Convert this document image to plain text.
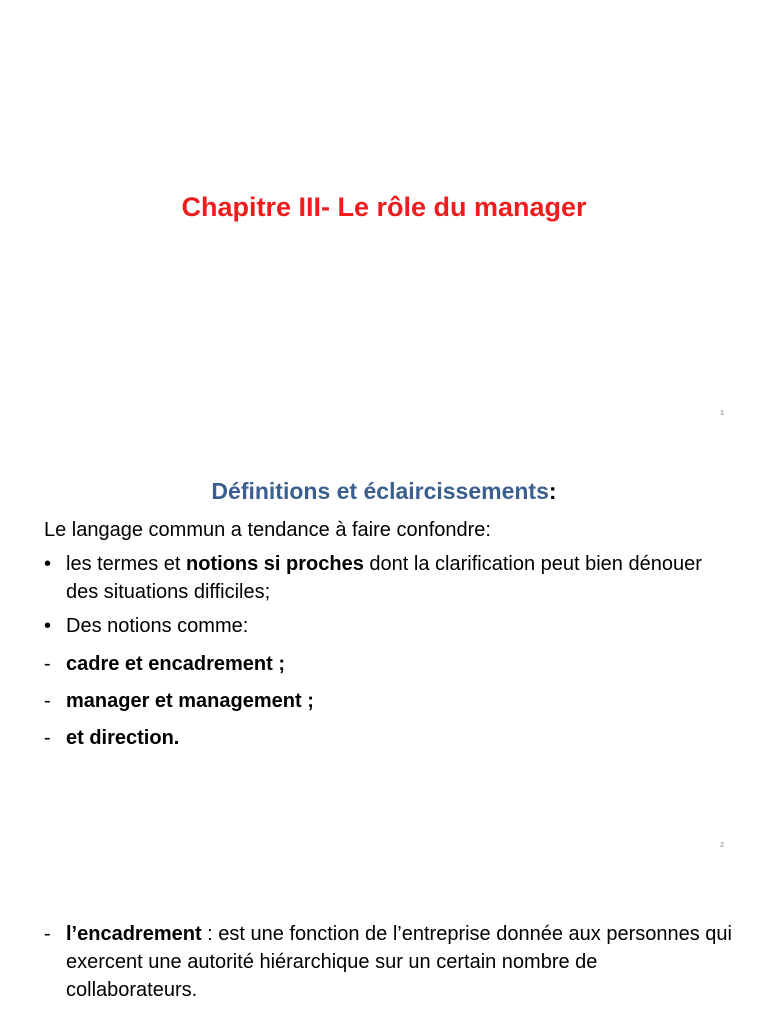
Chapitre III- Le rôle du manager
1
Définitions et éclaircissements:

Le langage commun a tendance à faire confondre:

• les termes et notions si proches dont la clarification peut bien dénouer des situations difficiles;

• Des notions comme:

- cadre et encadrement ;

- manager et management ;

- et direction.

2

- l’encadrement : est une fonction de l’entreprise donnée aux personnes qui exercent une autorité hiérarchique sur un certain nombre de collaborateurs.
